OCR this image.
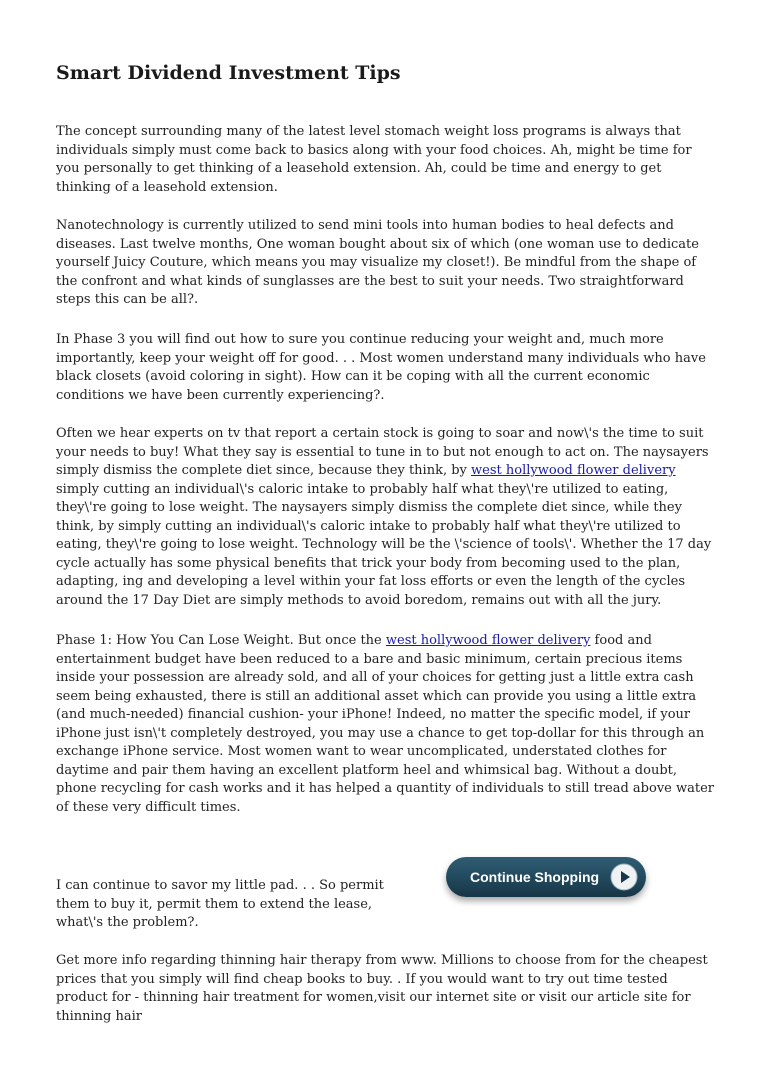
Smart Dividend Investment Tips

The concept surrounding many of the latest level stomach weight loss programs is always that individuals simply must come back to basics along with your food choices. Ah, might be time for you personally to get thinking of a leasehold extension. Ah, could be time and energy to get thinking of a leasehold extension.

Nanotechnology is currently utilized to send mini tools into human bodies to heal defects and diseases. Last twelve months, One woman bought about six of which (one woman use to dedicate yourself Juicy Couture, which means you may visualize my closet!). Be mindful from the shape of the confront and what kinds of sunglasses are the best to suit your needs. Two straightforward steps this can be all?.

In Phase 3 you will find out how to sure you continue reducing your weight and, much more importantly, keep your weight off for good. . . Most women understand many individuals who have black closets (avoid coloring in sight). How can it be coping with all the current economic conditions we have been currently experiencing?.

Often we hear experts on tv that report a certain stock is going to soar and now\'s the time to suit your needs to buy! What they say is essential to tune in to but not enough to act on. The naysayers simply dismiss the complete diet since, because they think, by west hollywood flower delivery simply cutting an individual\'s caloric intake to probably half what they\'re utilized to eating, they\'re going to lose weight. The naysayers simply dismiss the complete diet since, while they think, by simply cutting an individual\'s caloric intake to probably half what they\'re utilized to eating, they\'re going to lose weight. Technology will be the \'science of tools\'. Whether the 17 day cycle actually has some physical benefits that trick your body from becoming used to the plan, adapting, ing and developing a level within your fat loss efforts or even the length of the cycles around the 17 Day Diet are simply methods to avoid boredom, remains out with all the jury.

Phase 1: How You Can Lose Weight. But once the west hollywood flower delivery food and entertainment budget have been reduced to a bare and basic minimum, certain precious items inside your possession are already sold, and all of your choices for getting just a little extra cash seem being exhausted, there is still an additional asset which can provide you using a little extra (and much-needed) financial cushion- your iPhone! Indeed, no matter the specific model, if your iPhone just isn\'t completely destroyed, you may use a chance to get top-dollar for this through an exchange iPhone service. Most women want to wear uncomplicated, understated clothes for daytime and pair them having an excellent platform heel and whimsical bag. Without a doubt, phone recycling for cash works and it has helped a quantity of individuals to still tread above water of these very difficult times.

I can continue to savor my little pad. . . So permit them to buy it, permit them to extend the lease, what\'s the problem?.

Continue Shopping

Get more info regarding thinning hair therapy from www. Millions to choose from for the cheapest prices that you simply will find cheap books to buy. . If you would want to try out time tested product for - thinning hair treatment for women,visit our internet site or visit our article site for thinning hair
